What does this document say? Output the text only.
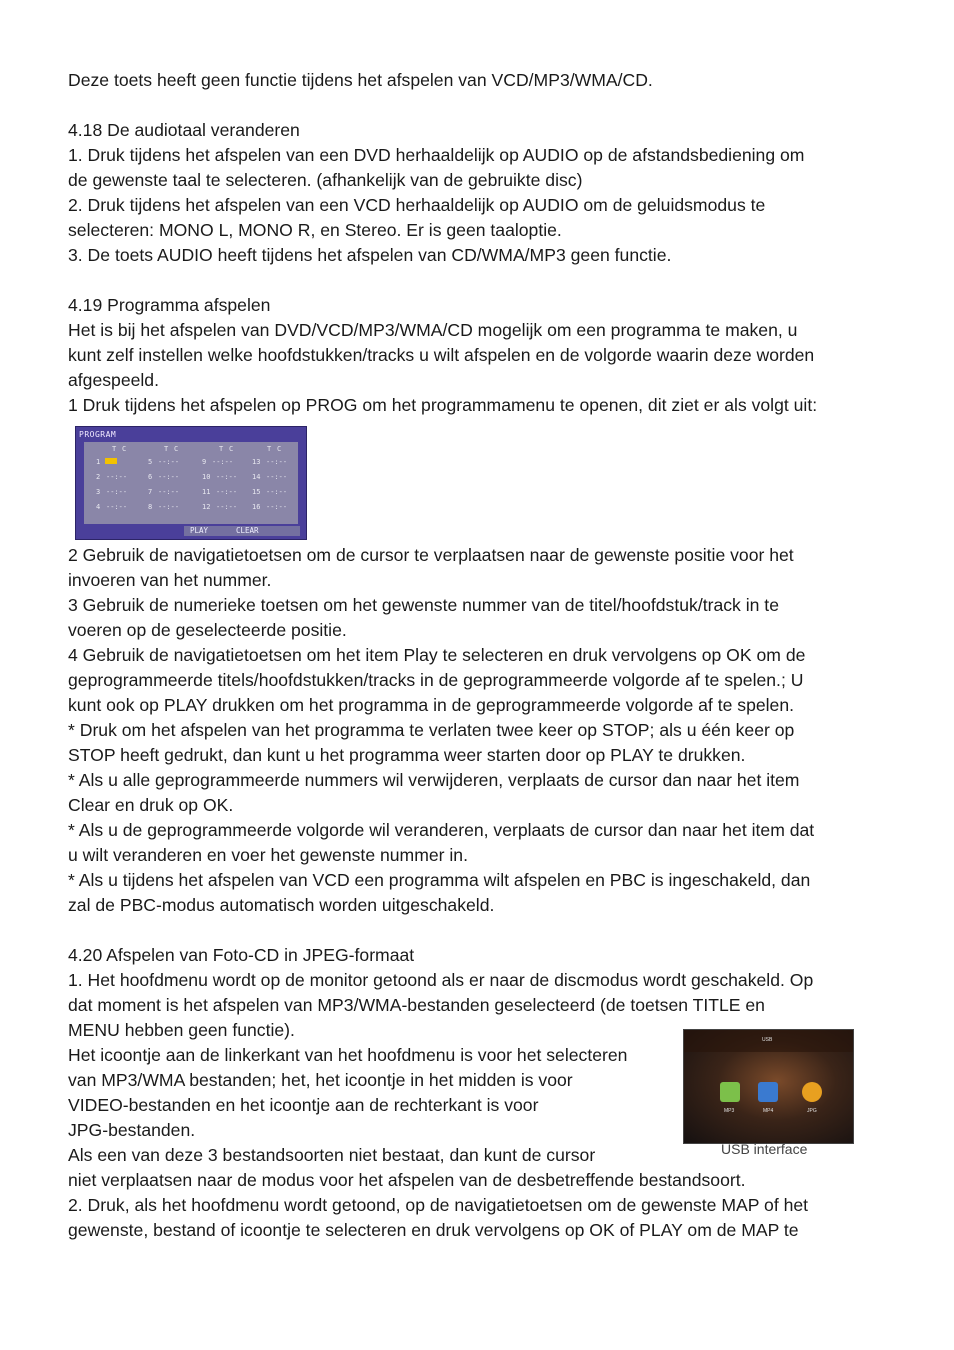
Deze toets heeft geen functie tijdens het afspelen van VCD/MP3/WMA/CD.
4.18 De audiotaal veranderen
1. Druk tijdens het afspelen van een DVD herhaaldelijk op AUDIO op de afstandsbediening om
de gewenste taal te selecteren. (afhankelijk van de gebruikte disc)
2. Druk tijdens het afspelen van een VCD herhaaldelijk op AUDIO om de geluidsmodus te
selecteren: MONO L, MONO R, en Stereo. Er is geen taaloptie.
3. De toets AUDIO heeft tijdens het afspelen van CD/WMA/MP3 geen functie.
4.19 Programma afspelen
Het is bij het afspelen van DVD/VCD/MP3/WMA/CD mogelijk om een programma te maken, u
kunt zelf instellen welke hoofdstukken/tracks u wilt afspelen en de volgorde waarin deze worden
afgespeeld.
1 Druk tijdens het afspelen op PROG om het programmamenu te openen, dit ziet er als volgt uit:
2 Gebruik de navigatietoetsen om de cursor te verplaatsen naar de gewenste positie voor het
invoeren van het nummer.
3 Gebruik de numerieke toetsen om het gewenste nummer van de titel/hoofdstuk/track in te
voeren op de geselecteerde positie.
4 Gebruik de navigatietoetsen om het item Play te selecteren en druk vervolgens op OK om de
geprogrammeerde titels/hoofdstukken/tracks in de geprogrammeerde volgorde af te spelen.; U
kunt ook op PLAY drukken om het programma in de geprogrammeerde volgorde af te spelen.
* Druk om het afspelen van het programma te verlaten twee keer op STOP; als u één keer op
STOP heeft gedrukt, dan kunt u het programma weer starten door op PLAY te drukken.
* Als u alle geprogrammeerde nummers wil verwijderen, verplaats de cursor dan naar het item
Clear en druk op OK.
* Als u de geprogrammeerde volgorde wil veranderen, verplaats de cursor dan naar het item dat
u wilt veranderen en voer het gewenste nummer in.
* Als u tijdens het afspelen van VCD een programma wilt afspelen en PBC is ingeschakeld, dan
zal de PBC-modus automatisch worden uitgeschakeld.
4.20 Afspelen van Foto-CD in JPEG-formaat
1. Het hoofdmenu wordt op de monitor getoond als er naar de discmodus wordt geschakeld. Op
dat moment is het afspelen van MP3/WMA-bestanden geselecteerd (de toetsen TITLE en
MENU hebben geen functie).
Het icoontje aan de linkerkant van het hoofdmenu is voor het selecteren
van MP3/WMA bestanden; het, het icoontje in het midden is voor
VIDEO-bestanden en het icoontje aan de rechterkant is voor
JPG-bestanden.
Als een van deze 3 bestandsoorten niet bestaat, dan kunt de cursor
niet verplaatsen naar de modus voor het afspelen van de desbetreffende bestandsoort.
2. Druk, als het hoofdmenu wordt getoond, op de navigatietoetsen om de gewenste MAP of het
gewenste, bestand of icoontje te selecteren en druk vervolgens op OK of PLAY om de MAP te
PROGRAM
T C	T C	T C	T C
1	5 --:--	9 --:--	13 --:--
2 --:--	6 --:--	10 --:-- 14 --:--
3 --:--	7 --:--	11 --:-- 15 --:--
4 --:--	8 --:--	12 --:-- 16 --:--
PLAY	CLEAR
USB
MP3	MP4	JPG
USB interface
